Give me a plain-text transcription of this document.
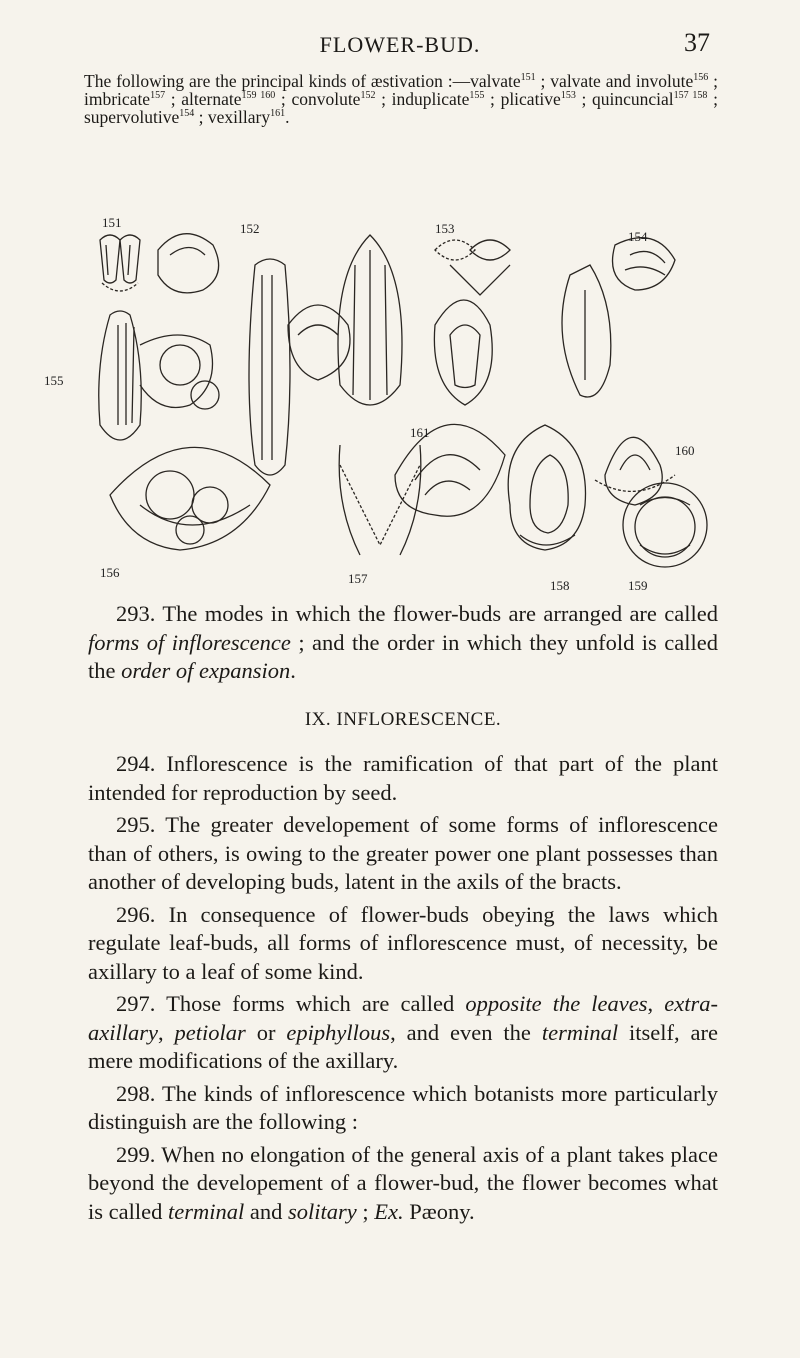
FLOWER-BUD.	37
The following are the principal kinds of æstivation :—valvate$^{151}$ ; valvate and involute$^{156}$ ; imbricate$^{157}$ ; alternate$^{159 160}$ ; convolute$^{152}$ ; induplicate$^{155}$ ; plicative$^{153}$ ; quincuncial$^{157 158}$ ; supervolutive$^{154}$ ; vexillary$^{161}$.
151	152	153
154
155
156	157	158	159
160
161

293. The modes in which the flower-buds are arranged are called forms of inflorescence ; and the order in which they unfold is called the order of expansion.

IX. INFLORESCENCE.

294. Inflorescence is the ramification of that part of the plant intended for reproduction by seed.

295. The greater developement of some forms of inflorescence than of others, is owing to the greater power one plant possesses than another of developing buds, latent in the axils of the bracts.

296. In consequence of flower-buds obeying the laws which regulate leaf-buds, all forms of inflorescence must, of necessity, be axillary to a leaf of some kind.

297. Those forms which are called opposite the leaves, extra-axillary, petiolar or epiphyllous, and even the terminal itself, are mere modifications of the axillary.

298. The kinds of inflorescence which botanists more particularly distinguish are the following :

299. When no elongation of the general axis of a plant takes place beyond the developement of a flower-bud, the flower becomes what is called terminal and solitary ; Ex. Pæony.
